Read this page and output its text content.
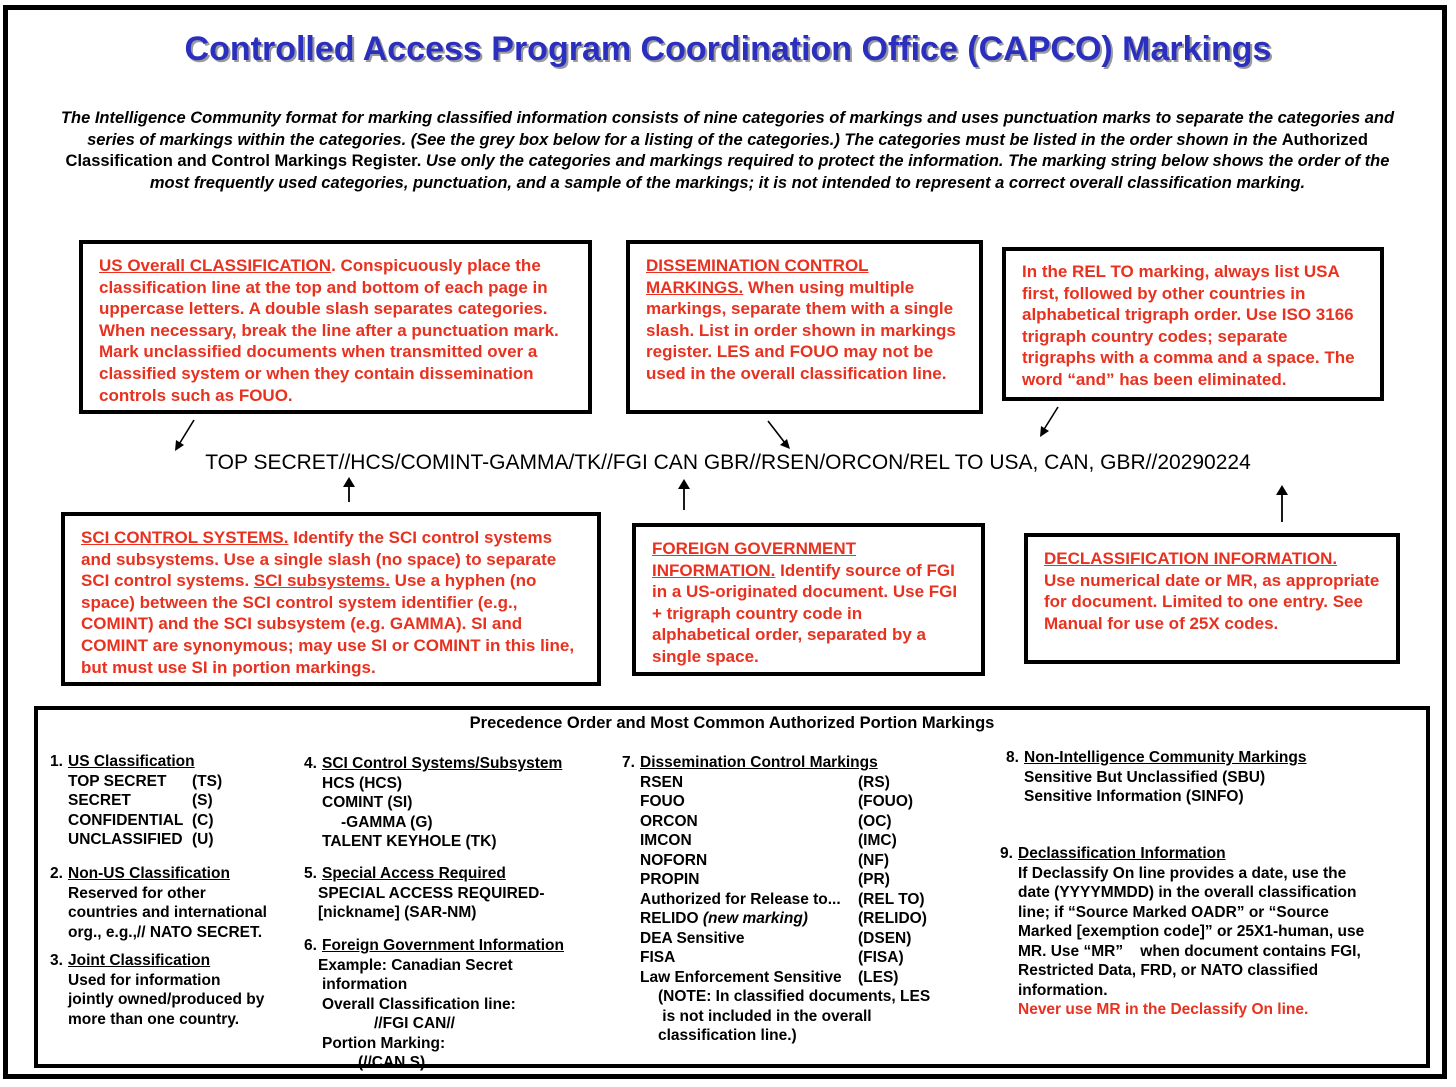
Controlled Access Program Coordination Office (CAPCO) Markings
The Intelligence Community format for marking classified information consists of nine categories of markings and uses punctuation marks to separate the categories and series of markings within the categories. (See the grey box below for a listing of the categories.) The categories must be listed in the order shown in the Authorized Classification and Control Markings Register. Use only the categories and markings required to protect the information. The marking string below shows the order of the most frequently used categories, punctuation, and a sample of the markings; it is not intended to represent a correct overall classification marking.
US Overall CLASSIFICATION. Conspicuously place the classification line at the top and bottom of each page in uppercase letters. A double slash separates categories. When necessary, break the line after a punctuation mark. Mark unclassified documents when transmitted over a classified system or when they contain dissemination controls such as FOUO.
DISSEMINATION CONTROL MARKINGS. When using multiple markings, separate them with a single slash. List in order shown in markings register. LES and FOUO may not be used in the overall classification line.
In the REL TO marking, always list USA first, followed by other countries in alphabetical trigraph order. Use ISO 3166 trigraph country codes; separate trigraphs with a comma and a space. The word “and” has been eliminated.
TOP SECRET//HCS/COMINT-GAMMA/TK//FGI CAN GBR//RSEN/ORCON/REL TO USA, CAN, GBR//20290224
SCI CONTROL SYSTEMS. Identify the SCI control systems and subsystems. Use a single slash (no space) to separate SCI control systems. SCI subsystems. Use a hyphen (no space) between the SCI control system identifier (e.g., COMINT) and the SCI subsystem (e.g. GAMMA). SI and COMINT are synonymous; may use SI or COMINT in this line, but must use SI in portion markings.
FOREIGN GOVERNMENT INFORMATION. Identify source of FGI in a US-originated document. Use FGI + trigraph country code in alphabetical order, separated by a single space.
DECLASSIFICATION INFORMATION.
Use numerical date or MR, as appropriate for document. Limited to one entry. See Manual for use of 25X codes.
Precedence Order and Most Common Authorized Portion Markings
1. US Classification
TOP SECRET	(TS)
SECRET	(S)
CONFIDENTIAL (C)
UNCLASSIFIED (U)
2. Non-US Classification
Reserved for other
countries and international
org., e.g.,// NATO SECRET.
3. Joint Classification
Used for information
jointly owned/produced by
more than one country.
4. SCI Control Systems/Subsystem
HCS (HCS)
COMINT (SI)
-GAMMA (G)
TALENT KEYHOLE (TK)
5. Special Access Required
SPECIAL ACCESS REQUIRED-
[nickname] (SAR-NM)
6. Foreign Government Information
Example: Canadian Secret
information
Overall Classification line:
//FGI CAN//
Portion Marking:
(//CAN S)
7. Dissemination Control Markings
RSEN	(RS)
FOUO	(FOUO)
ORCON	(OC)
IMCON	(IMC)
NOFORN	(NF)
PROPIN	(PR)
Authorized for Release to...	(REL TO)
RELIDO (new marking)	(RELIDO)
DEA Sensitive	(DSEN)
FISA	(FISA)
Law Enforcement Sensitive	(LES)
(NOTE: In classified documents, LES
is not included in the overall
classification line.)
8. Non-Intelligence Community Markings
Sensitive But Unclassified (SBU)
Sensitive Information (SINFO)
9. Declassification Information
If Declassify On line provides a date, use the
date (YYYYMMDD) in the overall classification
line; if “Source Marked OADR” or “Source
Marked [exemption code]” or 25X1-human, use
MR. Use “MR”    when document contains FGI,
Restricted Data, FRD, or NATO classified
information.
Never use MR in the Declassify On line.
